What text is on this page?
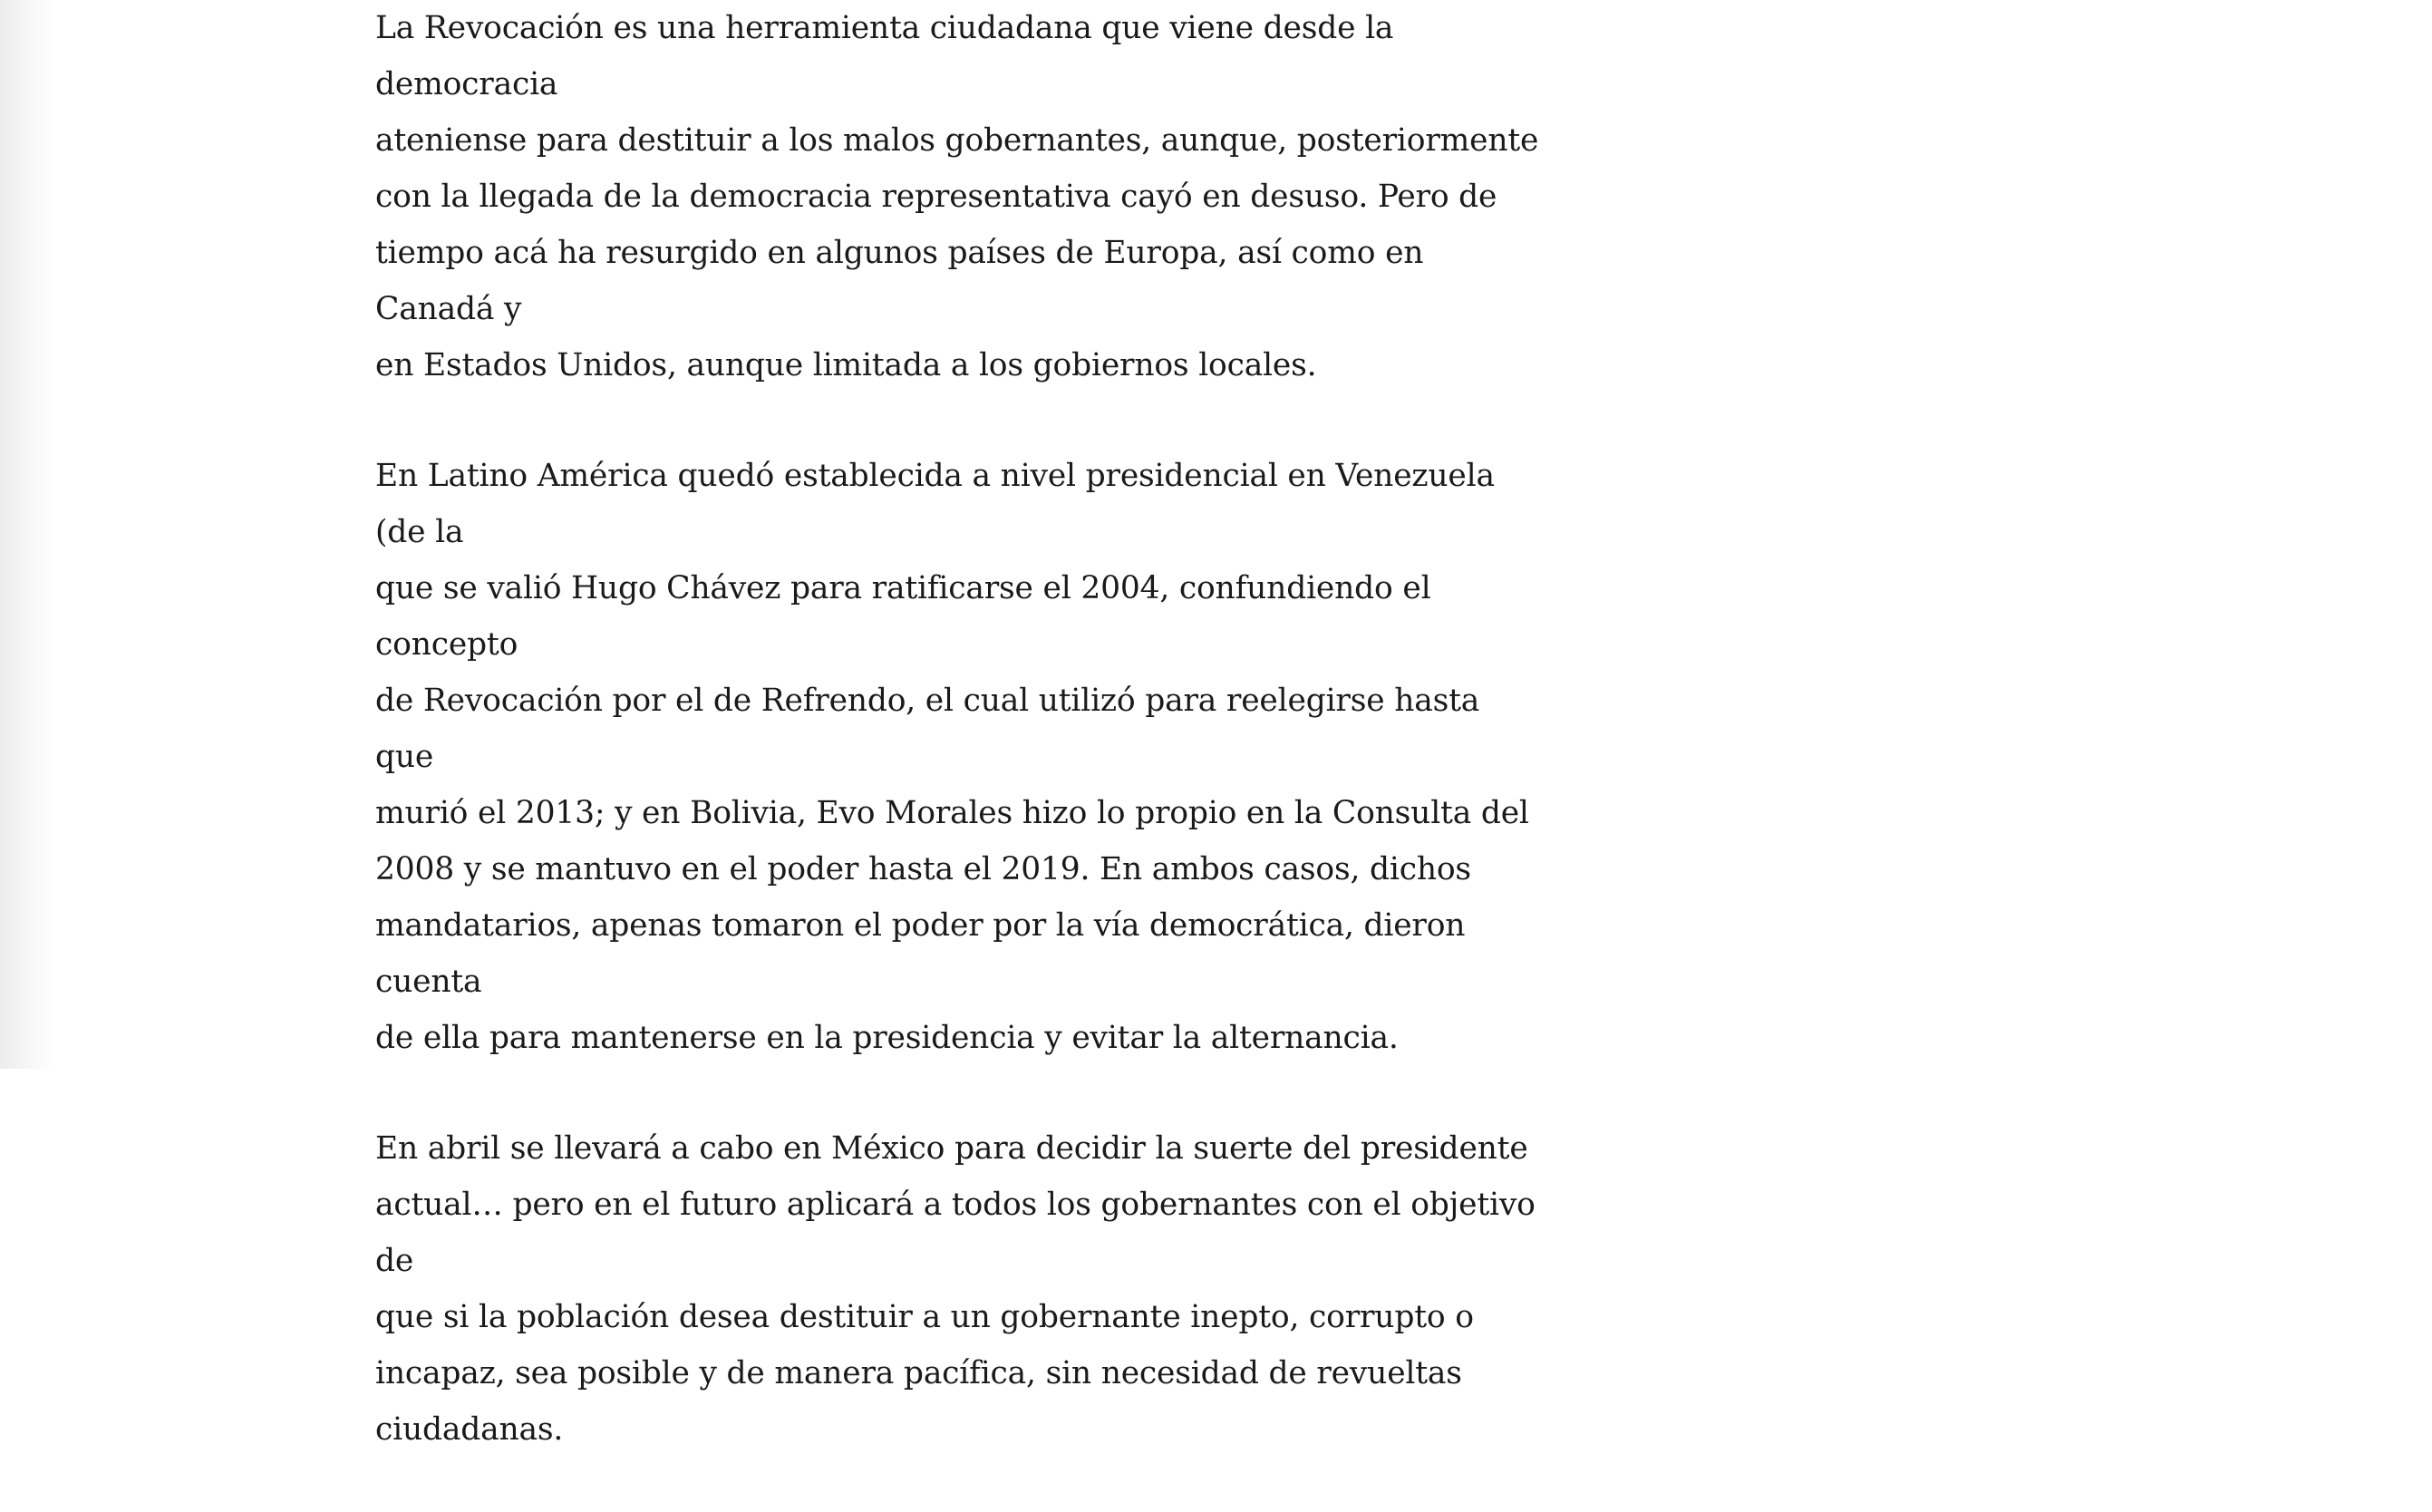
La Revocación es una herramienta ciudadana que viene desde la democracia
ateniense para destituir a los malos gobernantes, aunque, posteriormente
con la llegada de la democracia representativa cayó en desuso. Pero de
tiempo acá ha resurgido en algunos países de Europa, así como en Canadá y
en Estados Unidos, aunque limitada a los gobiernos locales.

En Latino América quedó establecida a nivel presidencial en Venezuela (de la
que se valió Hugo Chávez para ratificarse el 2004, confundiendo el concepto
de Revocación por el de Refrendo, el cual utilizó para reelegirse hasta que
murió el 2013; y en Bolivia, Evo Morales hizo lo propio en la Consulta del
2008 y se mantuvo en el poder hasta el 2019. En ambos casos, dichos
mandatarios, apenas tomaron el poder por la vía democrática, dieron cuenta
de ella para mantenerse en la presidencia y evitar la alternancia.

En abril se llevará a cabo en México para decidir la suerte del presidente
actual… pero en el futuro aplicará a todos los gobernantes con el objetivo de
que si la población desea destituir a un gobernante inepto, corrupto o
incapaz, sea posible y de manera pacífica, sin necesidad de revueltas
ciudadanas.
